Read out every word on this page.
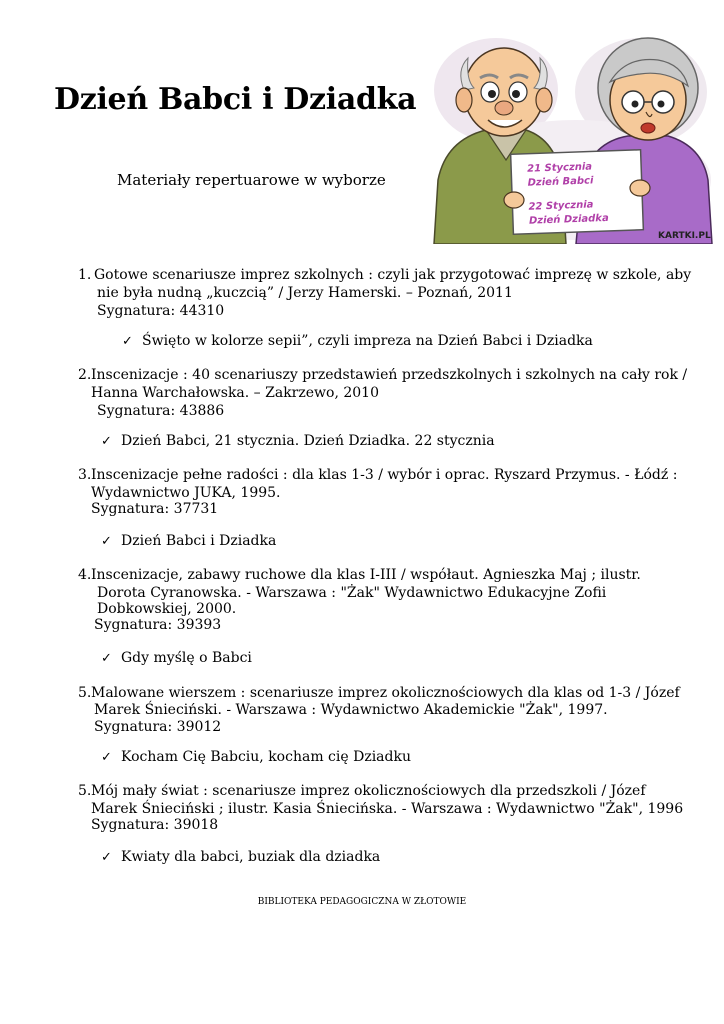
Dzień Babci i Dziadka
Materiały repertuarowe w wyborze
21 Stycznia
Dzień Babci
22 Stycznia
Dzień Dziadka
KARTKI.PL
1. Gotowe scenariusze imprez szkolnych : czyli jak przygotować imprezę w szkole, aby
nie była nudną „kuczcią” / Jerzy Hamerski. – Poznań, 2011
Sygnatura: 44310
✓ Święto w kolorze sepii”, czyli impreza na Dzień Babci i Dziadka
2. Inscenizacje : 40 scenariuszy przedstawień przedszkolnych i szkolnych na cały rok /
Hanna Warchałowska. – Zakrzewo, 2010
Sygnatura: 43886
✓ Dzień Babci, 21 stycznia. Dzień Dziadka. 22 stycznia
3. Inscenizacje pełne radości : dla klas 1-3 / wybór i oprac. Ryszard Przymus. - Łódź :
Wydawnictwo JUKA, 1995.
Sygnatura: 37731
✓ Dzień Babci i Dziadka
4. Inscenizacje, zabawy ruchowe dla klas I-III / współaut. Agnieszka Maj ; ilustr.
Dorota Cyranowska. - Warszawa : "Żak" Wydawnictwo Edukacyjne Zofii
Dobkowskiej, 2000.
Sygnatura: 39393
✓ Gdy myślę o Babci
5. Malowane wierszem : scenariusze imprez okolicznościowych dla klas od 1-3 / Józef
Marek Śnieciński. - Warszawa : Wydawnictwo Akademickie "Żak", 1997.
Sygnatura: 39012
✓ Kocham Cię Babciu, kocham cię Dziadku
5. Mój mały świat : scenariusze imprez okolicznościowych dla przedszkoli / Józef
Marek Śnieciński ; ilustr. Kasia Śniecińska. - Warszawa : Wydawnictwo "Żak", 1996
Sygnatura: 39018
✓ Kwiaty dla babci, buziak dla dziadka
BIBLIOTEKA PEDAGOGICZNA W ZŁOTOWIE
